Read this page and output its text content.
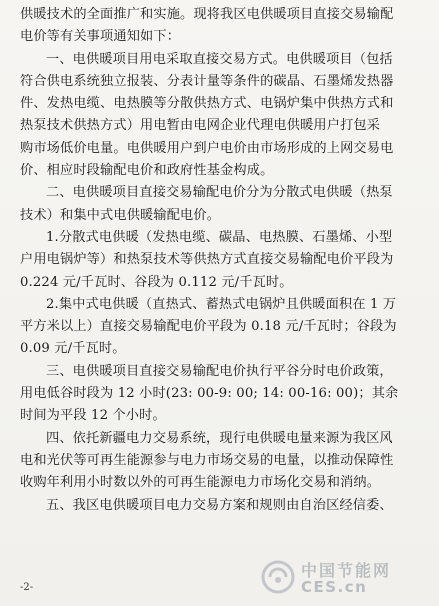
供暖技术的全面推广和实施。现将我区电供暖项目直接交易输配
电价等有关事项通知如下：
一、电供暖项目用电采取直接交易方式。电供暖项目（包括
符合供电系统独立报装、分表计量等条件的碳晶、石墨烯发热器
件、发热电缆、电热膜等分散供热方式、电锅炉集中供热方式和
热泵技术供热方式）用电暂由电网企业代理电供暖用户打包采
购市场低价电量。电供暖用户到户电价由市场形成的上网交易电
价、相应时段输配电价和政府性基金构成。
二、电供暖项目直接交易输配电价分为分散式电供暖（热泵
技术）和集中式电供暖输配电价。
1.分散式电供暖（发热电缆、碳晶、电热膜、石墨烯、小型
户用电锅炉等）和热泵技术等供热方式直接交易输配电价平段为
0.224 元/千瓦时、谷段为 0.112 元/千瓦时。
2.集中式电供暖（直热式、蓄热式电锅炉且供暖面积在 1 万
平方米以上）直接交易输配电价平段为 0.18 元/千瓦时；谷段为
0.09 元/千瓦时。
三、电供暖项目直接交易输配电价执行平谷分时电价政策，
用电低谷时段为 12 小时(23: 00-9: 00; 14: 00-16: 00)；其余
时间为平段 12 个小时。
四、依托新疆电力交易系统，现行电供暖电量来源为我区风
电和光伏等可再生能源参与电力市场交易的电量，以推动保障性
收购年利用小时数以外的可再生能源电力市场化交易和消纳。
五、我区电供暖项目电力交易方案和规则由自治区经信委、
-2-
中国节能网
CES.cn
